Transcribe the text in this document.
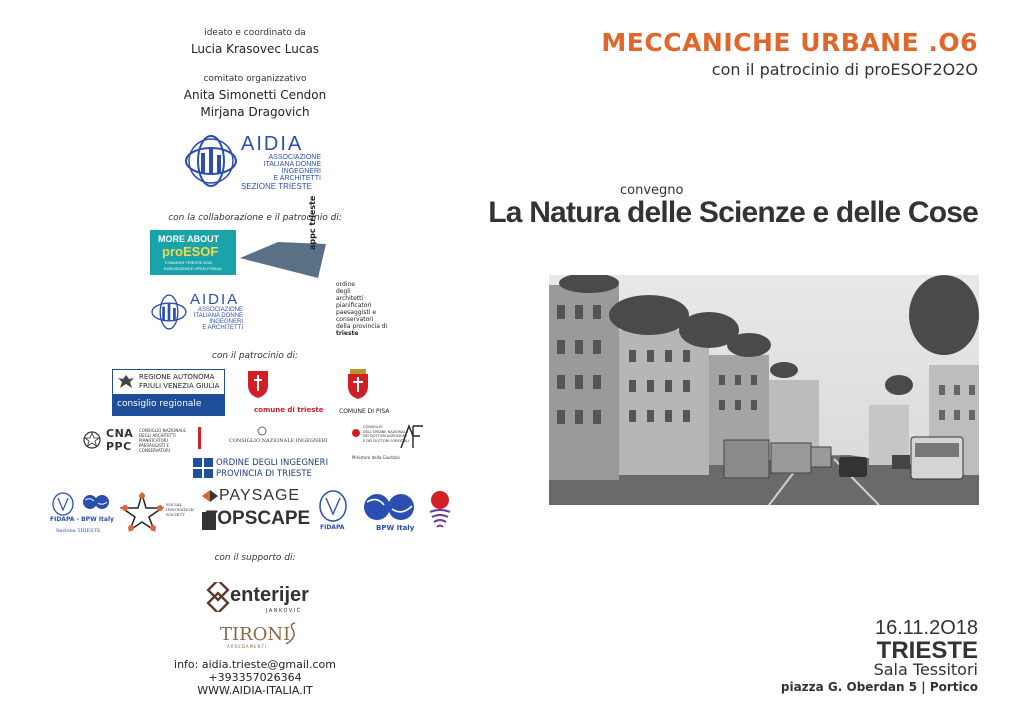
ideato e coordinato da
Lucia Krasovec Lucas
comitato organizzativo
Anita Simonetti Cendon
Mirjana Dragovich
AIDIA
ASSOCIAZIONE
ITALIANA DONNE
INGEGNERI
E ARCHITETTI
SEZIONE TRIESTE
con la collaborazione e il patrocinio di:
MORE ABOUT
proESOF
TOWARDS TRIESTE 2020
EUROSCIENCE OPEN FORUM
appc trieste
ordine
degli
architetti
pianificatori
paesaggisti e
conservatori
della provincia di
trieste
AIDIA
ASSOCIAZIONE
ITALIANA DONNE
INGEGNERI
E ARCHITETTI
con il patrocinio di:
REGIONE AUTONOMA
FRIULI VENEZIA GIULIA
consiglio regionale
comune di trieste	COMUNE DI PISA
CNA
PPC
CONSIGLIO NAZIONALE
DEGLI ARCHITETTI
PIANIFICATORI
PAESAGGISTI E
CONSERVATORI
CONSIGLIO NAZIONALE INGEGNERI
CONSIGLIO
DELL'ORDINE NAZIONALE
DEI DOTTORI AGRONOMI
E DEI DOTTORI FORESTALI
Ministero della Giustizia
ORDINE DEGLI INGEGNERI
PROVINCIA DI TRIESTE
FIDAPA - BPW Italy
Sezione TRIESTE
SOCIAL
INNOVATION
SOCIETY
PAYSAGE
TOPSCAPE FIDAPA	BPW Italy
con il supporto di:
enterijer
JANKOVIĆ
TIRONI
ARREDAMENTI
info: aidia.trieste@gmail.com
+393357026364
WWW.AIDIA-ITALIA.IT
MECCANICHE URBANE .O6
con il patrocinio di proESOF2O2O
convegno
La Natura delle Scienze e delle Cose
16.11.2O18
TRIESTE
Sala Tessitori
piazza G. Oberdan 5 | Portico
